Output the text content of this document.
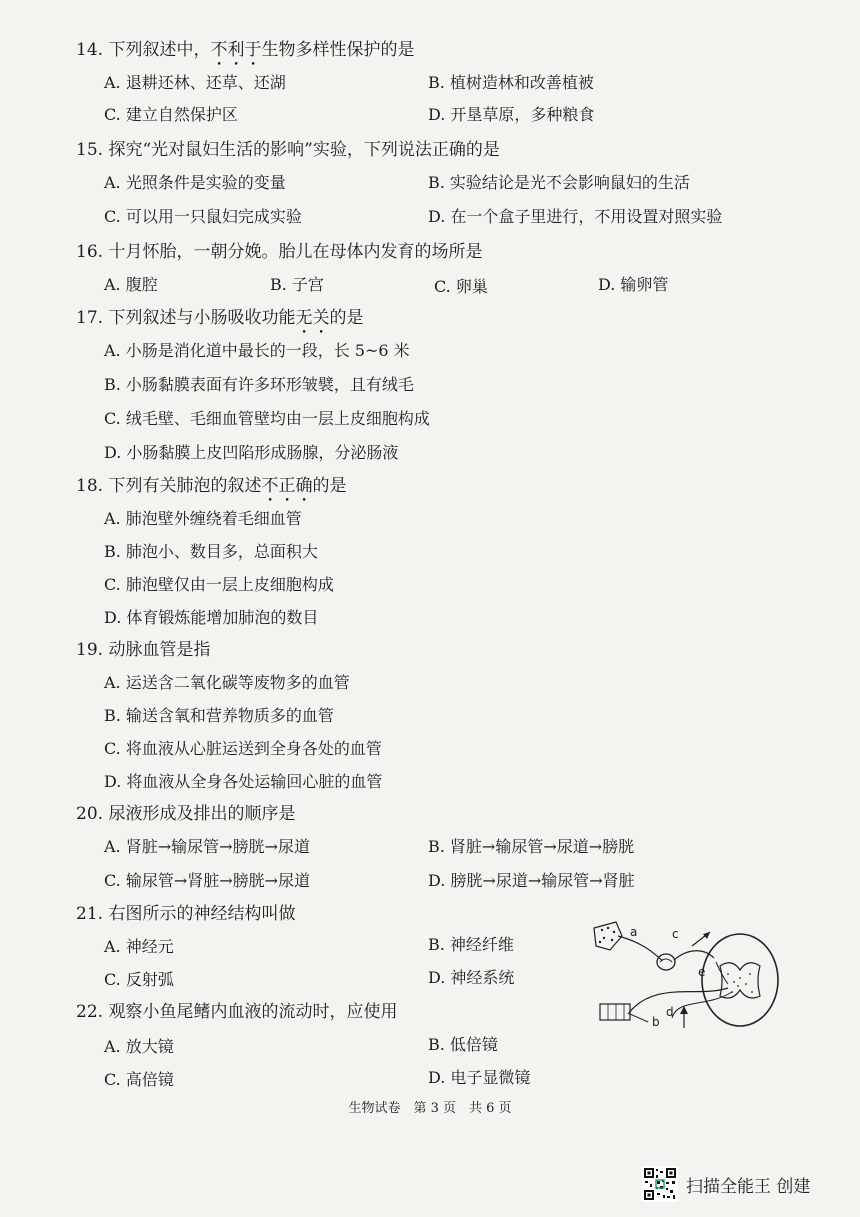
14. 下列叙述中，不利于生物多样性保护的是
A. 退耕还林、还草、还湖	B. 植树造林和改善植被
C. 建立自然保护区	D. 开垦草原，多种粮食
15. 探究“光对鼠妇生活的影响”实验，下列说法正确的是
A. 光照条件是实验的变量	B. 实验结论是光不会影响鼠妇的生活
C. 可以用一只鼠妇完成实验	D. 在一个盒子里进行，不用设置对照实验
16. 十月怀胎，一朝分娩。胎儿在母体内发育的场所是
A. 腹腔	B. 子宫	C. 卵巢	D. 输卵管
17. 下列叙述与小肠吸收功能无关的是
A. 小肠是消化道中最长的一段，长 5~6 米
B. 小肠黏膜表面有许多环形皱襞，且有绒毛
C. 绒毛壁、毛细血管壁均由一层上皮细胞构成
D. 小肠黏膜上皮凹陷形成肠腺，分泌肠液
18. 下列有关肺泡的叙述不正确的是
A. 肺泡壁外缠绕着毛细血管
B. 肺泡小、数目多，总面积大
C. 肺泡壁仅由一层上皮细胞构成
D. 体育锻炼能增加肺泡的数目
19. 动脉血管是指
A. 运送含二氧化碳等废物多的血管
B. 输送含氧和营养物质多的血管
C. 将血液从心脏运送到全身各处的血管
D. 将血液从全身各处运输回心脏的血管
20. 尿液形成及排出的顺序是
A. 肾脏→输尿管→膀胱→尿道	B. 肾脏→输尿管→尿道→膀胱
C. 输尿管→肾脏→膀胱→尿道	D. 膀胱→尿道→输尿管→肾脏
21. 右图所示的神经结构叫做
A. 神经元	B. 神经纤维
C. 反射弧	D. 神经系统
22. 观察小鱼尾鳍内血液的流动时，应使用
A. 放大镜	B. 低倍镜
C. 高倍镜	D. 电子显微镜
a
b
c
d
e
生物试卷　第 3 页　共 6 页
扫描全能王 创建
